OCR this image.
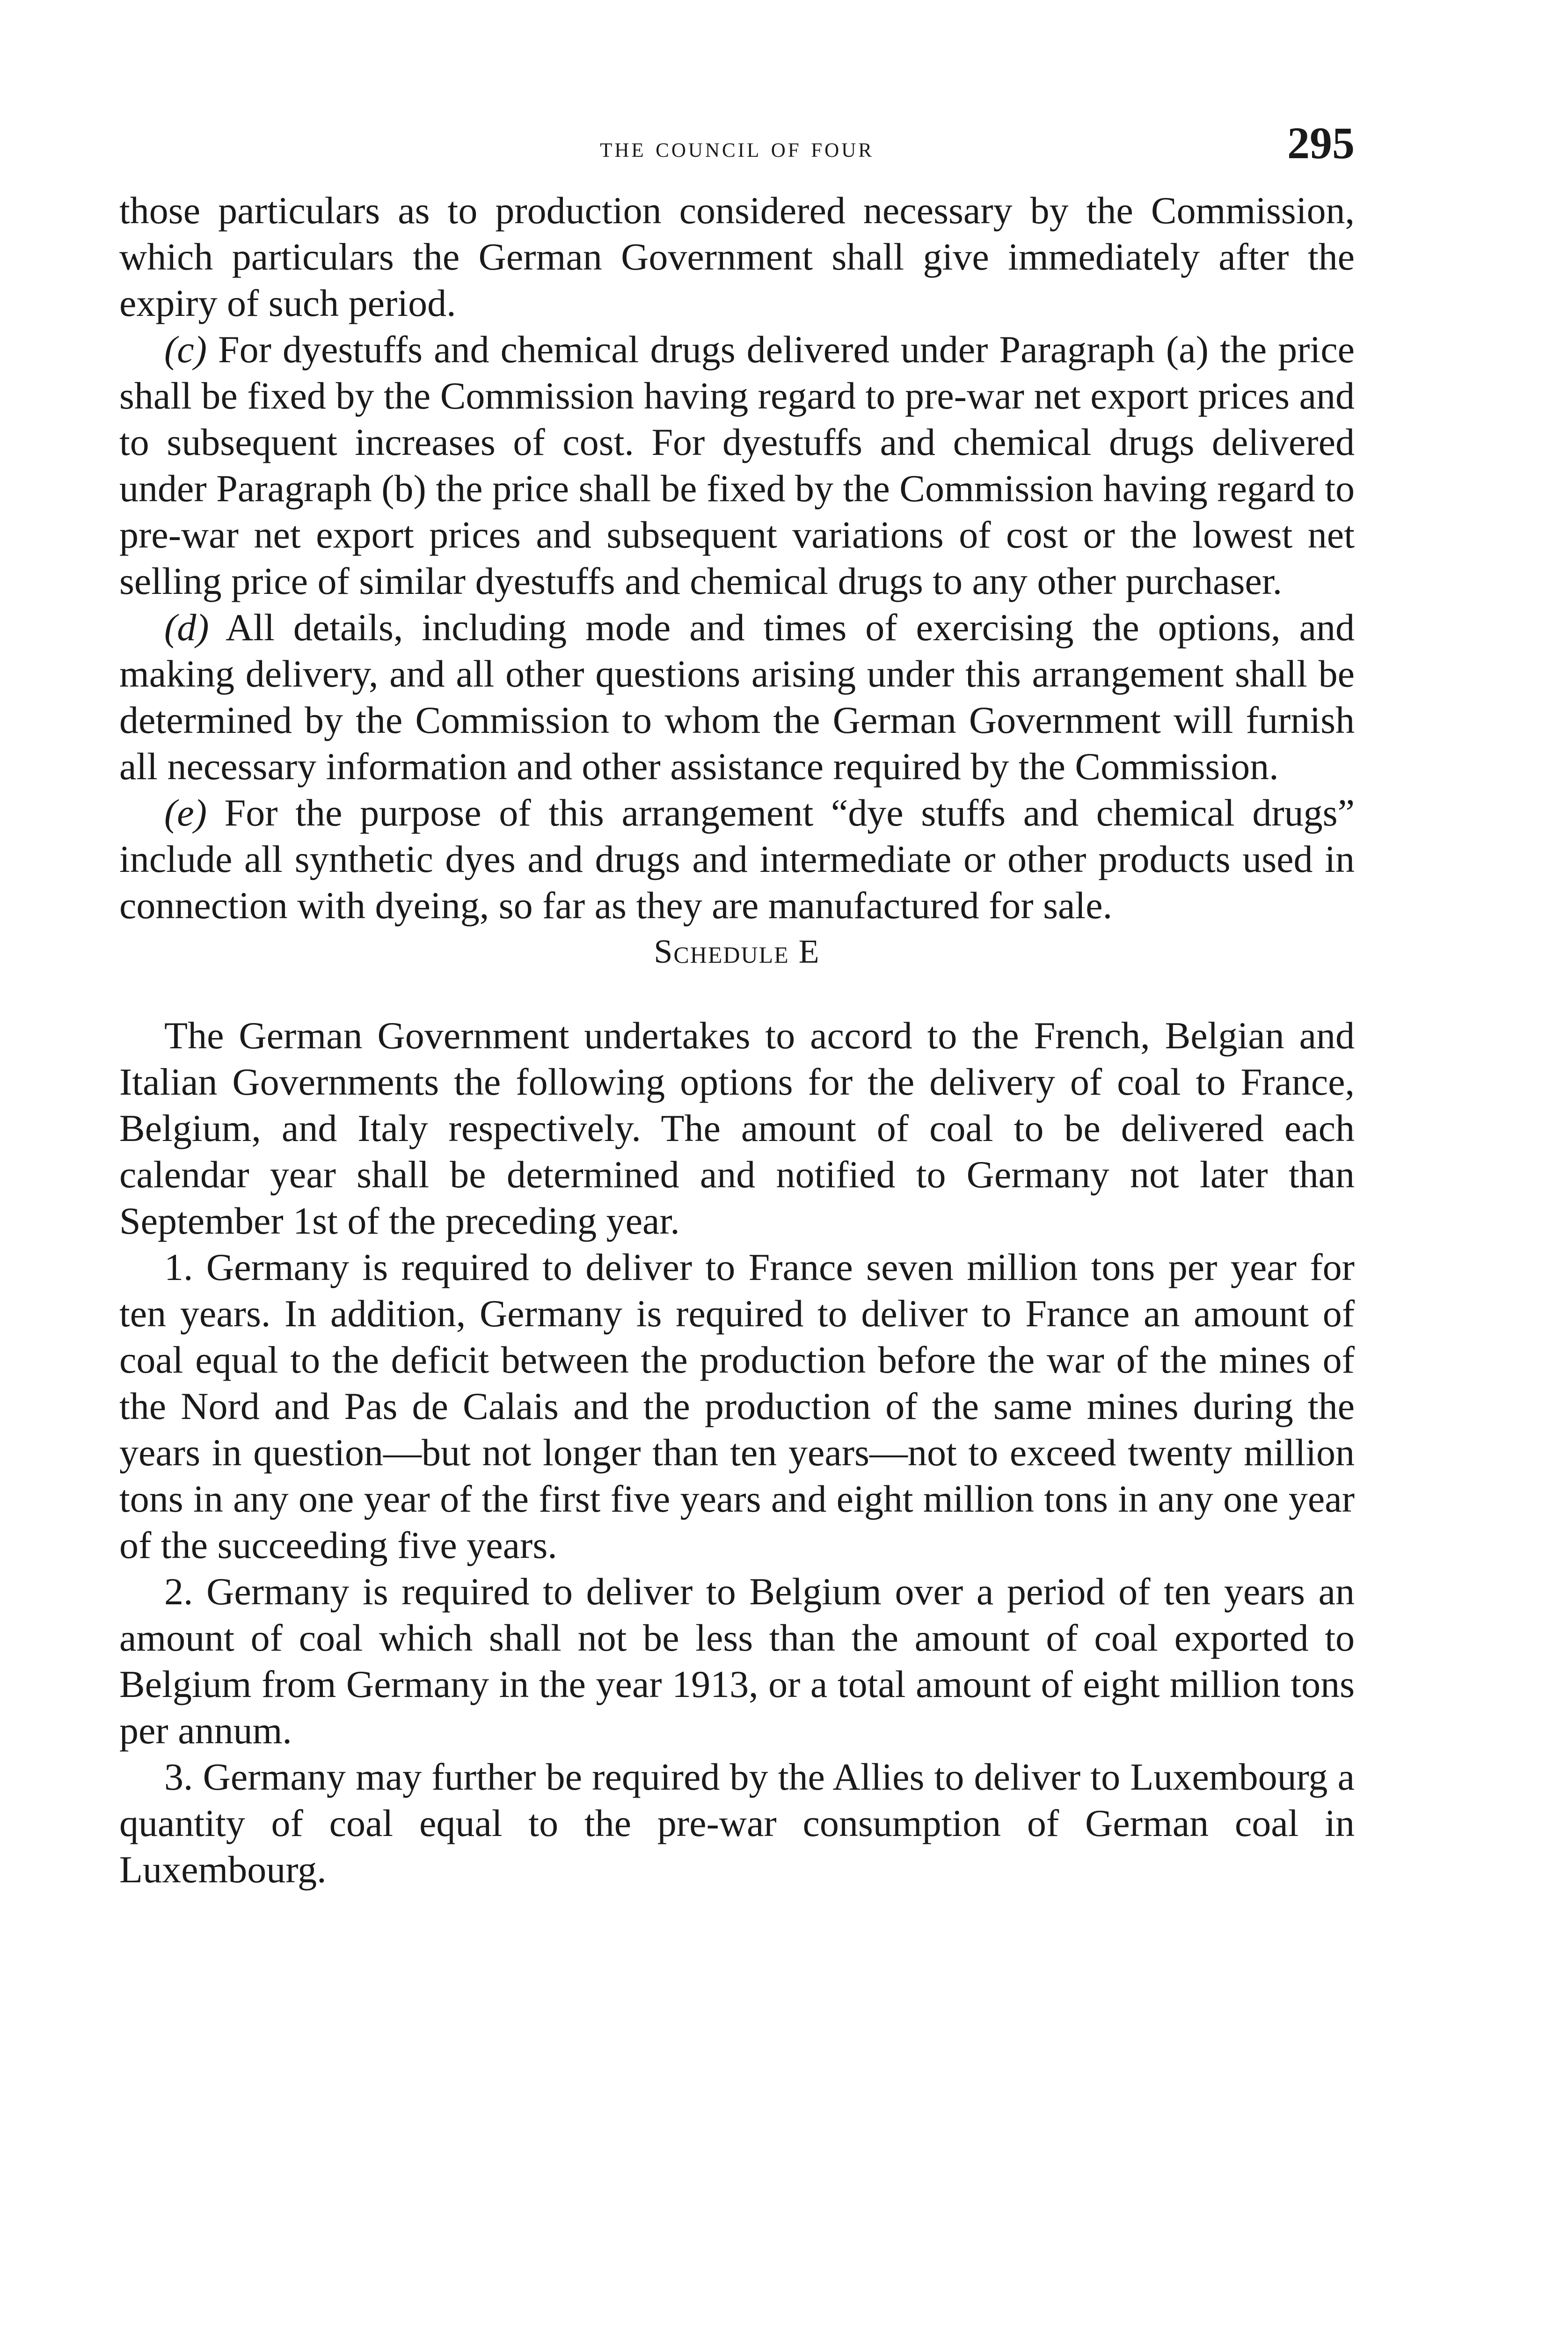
the council of four	295

those particulars as to production considered necessary by the Commission, which particulars the German Government shall give immediately after the expiry of such period.

(c) For dyestuffs and chemical drugs delivered under Paragraph (a) the price shall be fixed by the Commission having regard to pre-war net export prices and to subsequent increases of cost. For dyestuffs and chemical drugs delivered under Paragraph (b) the price shall be fixed by the Commission having regard to pre-war net export prices and subsequent variations of cost or the lowest net selling price of similar dyestuffs and chemical drugs to any other purchaser.

(d) All details, including mode and times of exercising the options, and making delivery, and all other questions arising under this arrangement shall be determined by the Commission to whom the German Government will furnish all necessary information and other assistance required by the Commission.

(e) For the purpose of this arrangement “dye stuffs and chemical drugs” include all synthetic dyes and drugs and intermediate or other products used in connection with dyeing, so far as they are manufactured for sale.

Schedule E

The German Government undertakes to accord to the French, Belgian and Italian Governments the following options for the delivery of coal to France, Belgium, and Italy respectively. The amount of coal to be delivered each calendar year shall be determined and notified to Germany not later than September 1st of the preceding year.

1. Germany is required to deliver to France seven million tons per year for ten years. In addition, Germany is required to deliver to France an amount of coal equal to the deficit between the production before the war of the mines of the Nord and Pas de Calais and the production of the same mines during the years in question—but not longer than ten years—not to exceed twenty million tons in any one year of the first five years and eight million tons in any one year of the succeeding five years.

2. Germany is required to deliver to Belgium over a period of ten years an amount of coal which shall not be less than the amount of coal exported to Belgium from Germany in the year 1913, or a total amount of eight million tons per annum.

3. Germany may further be required by the Allies to deliver to Luxembourg a quantity of coal equal to the pre-war consumption of German coal in Luxembourg.
